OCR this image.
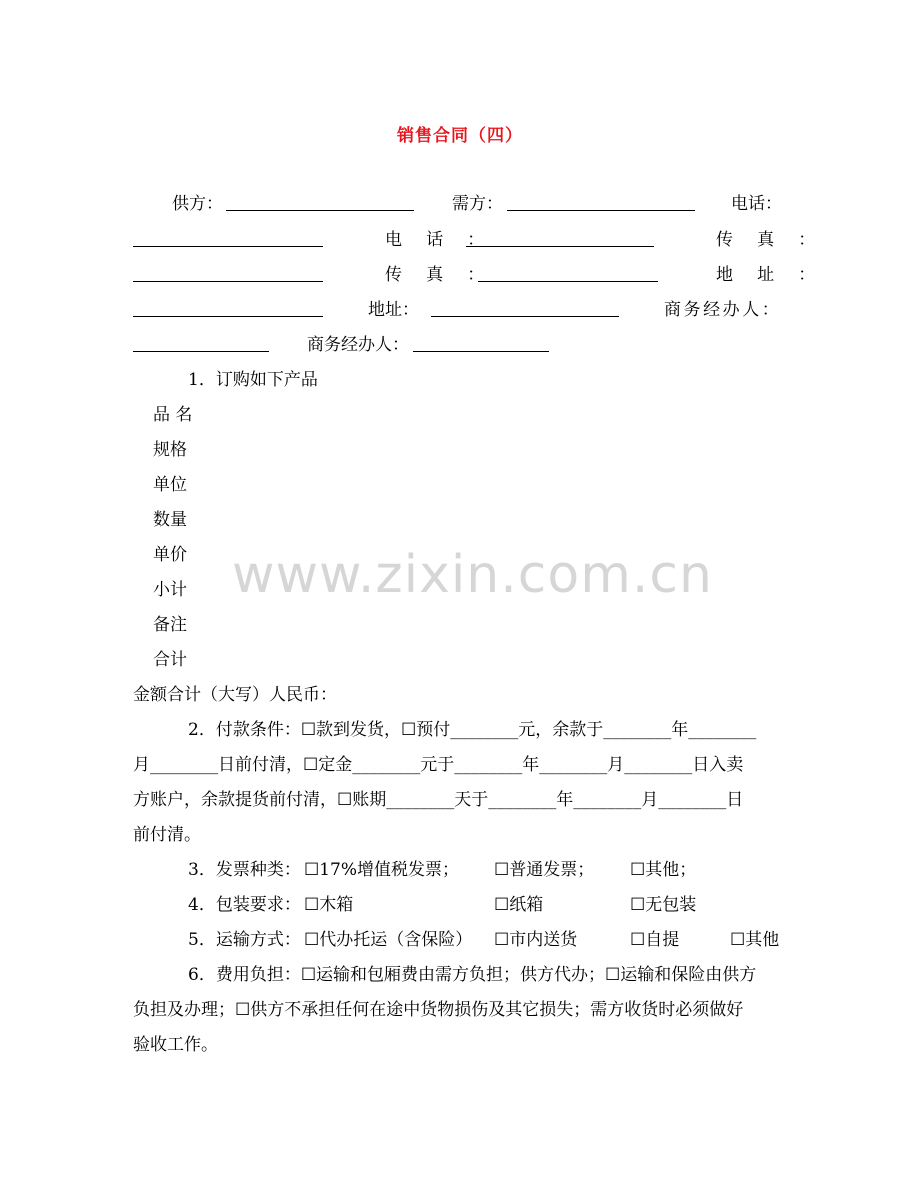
销售合同（四）
供方：	需方：	电话：
电 话 ：	传 真 ：
传 真 ：	地 址 ：
地址：	商务经办人：
商务经办人：
1．订购如下产品
品 名
规格
单位
数量
单价
小计
备注
合计
金额合计（大写）人民币：
2．付款条件：☐款到发货，☐预付________元，余款于________年________
月________日前付清，☐定金________元于________年________月________日入卖
方账户，余款提货前付清，☐账期________天于________年________月________日
前付清。
3．发票种类： ☐17%增值税发票； ☐普通发票； ☐其他；
4．包装要求： ☐木箱	☐纸箱	☐无包装
5．运输方式： ☐代办托运（含保险） ☐市内送货	☐自提	☐其他
6．费用负担：☐运输和包厢费由需方负担；供方代办；☐运输和保险由供方
负担及办理；☐供方不承担任何在途中货物损伤及其它损失；需方收货时必须做好
验收工作。
www.zixin.com.cn
